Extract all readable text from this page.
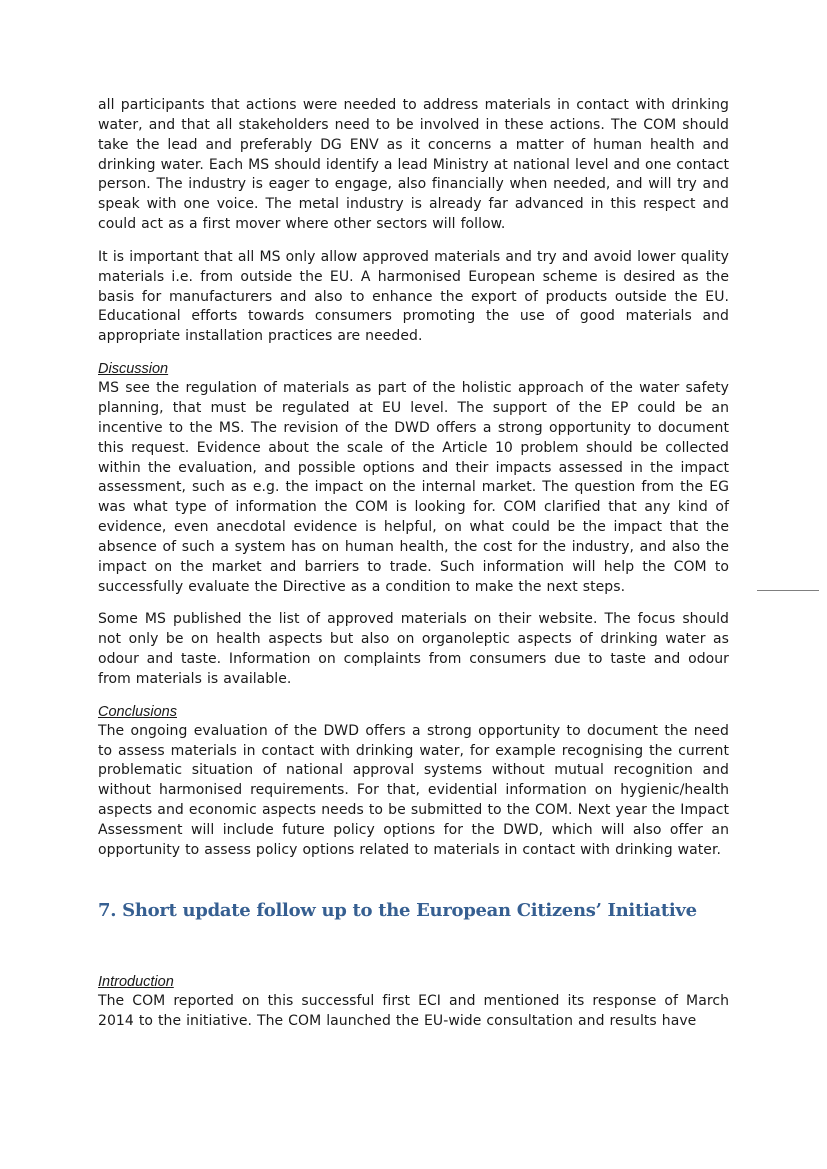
all participants that actions were needed to address materials in contact with drinking water, and that all stakeholders need to be involved in these actions. The COM should take the lead and preferably DG ENV as it concerns a matter of human health and drinking water. Each MS should identify a lead Ministry at national level and one contact person. The industry is eager to engage, also financially when needed, and will try and speak with one voice. The metal industry is already far advanced in this respect and could act as a first mover where other sectors will follow.

It is important that all MS only allow approved materials and try and avoid lower quality materials i.e. from outside the EU. A harmonised European scheme is desired as the basis for manufacturers and also to enhance the export of products outside the EU. Educational efforts towards consumers promoting the use of good materials and appropriate installation practices are needed.

Discussion

MS see the regulation of materials as part of the holistic approach of the water safety planning, that must be regulated at EU level. The support of the EP could be an incentive to the MS. The revision of the DWD offers a strong opportunity to document this request. Evidence about the scale of the Article 10 problem should be collected within the evaluation, and possible options and their impacts assessed in the impact assessment, such as e.g. the impact on the internal market. The question from the EG was what type of information the COM is looking for. COM clarified that any kind of evidence, even anecdotal evidence is helpful, on what could be the impact that the absence of such a system has on human health, the cost for the industry, and also the impact on the market and barriers to trade. Such information will help the COM to successfully evaluate the Directive as a condition to make the next steps.

Some MS published the list of approved materials on their website. The focus should not only be on health aspects but also on organoleptic aspects of drinking water as odour and taste. Information on complaints from consumers due to taste and odour from materials is available.

Conclusions

The ongoing evaluation of the DWD offers a strong opportunity to document the need to assess materials in contact with drinking water, for example recognising the current problematic situation of national approval systems without mutual recognition and without harmonised requirements. For that, evidential information on hygienic/health aspects and economic aspects needs to be submitted to the COM. Next year the Impact Assessment will include future policy options for the DWD, which will also offer an opportunity to assess policy options related to materials in contact with drinking water.

7. Short update follow up to the European Citizens’ Initiative
Introduction

The COM reported on this successful first ECI and mentioned its response of March 2014 to the initiative. The COM launched the EU-wide consultation and results have
